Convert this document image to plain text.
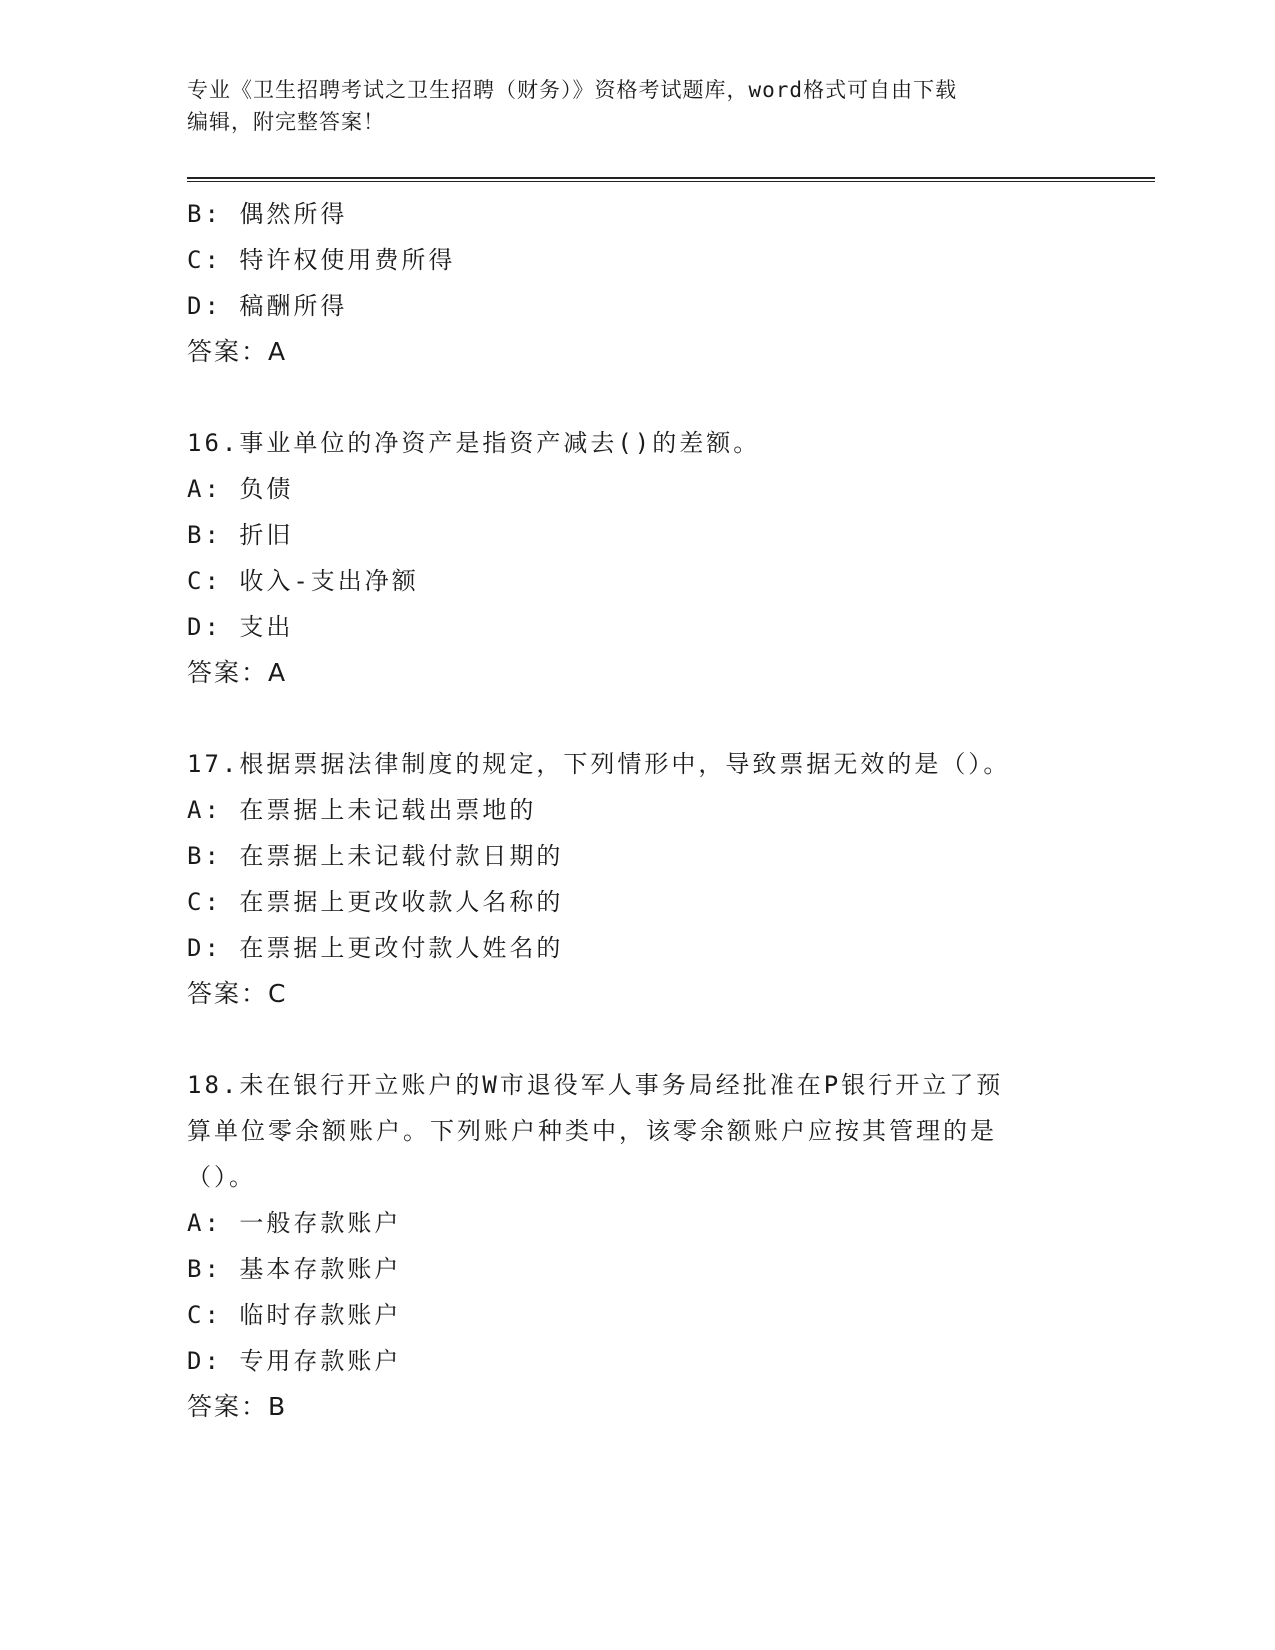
专业《卫生招聘考试之卫生招聘（财务）》资格考试题库，word格式可自由下载
编辑，附完整答案！
B: 偶然所得
C: 特许权使用费所得
D: 稿酬所得
答案：A
16.事业单位的净资产是指资产减去()的差额。
A: 负债
B: 折旧
C: 收入-支出净额
D: 支出
答案：A
17.根据票据法律制度的规定，下列情形中，导致票据无效的是（）。
A: 在票据上未记载出票地的
B: 在票据上未记载付款日期的
C: 在票据上更改收款人名称的
D: 在票据上更改付款人姓名的
答案：C
18.未在银行开立账户的W市退役军人事务局经批准在P银行开立了预
算单位零余额账户。下列账户种类中，该零余额账户应按其管理的是
（）。
A: 一般存款账户
B: 基本存款账户
C: 临时存款账户
D: 专用存款账户
答案：B
